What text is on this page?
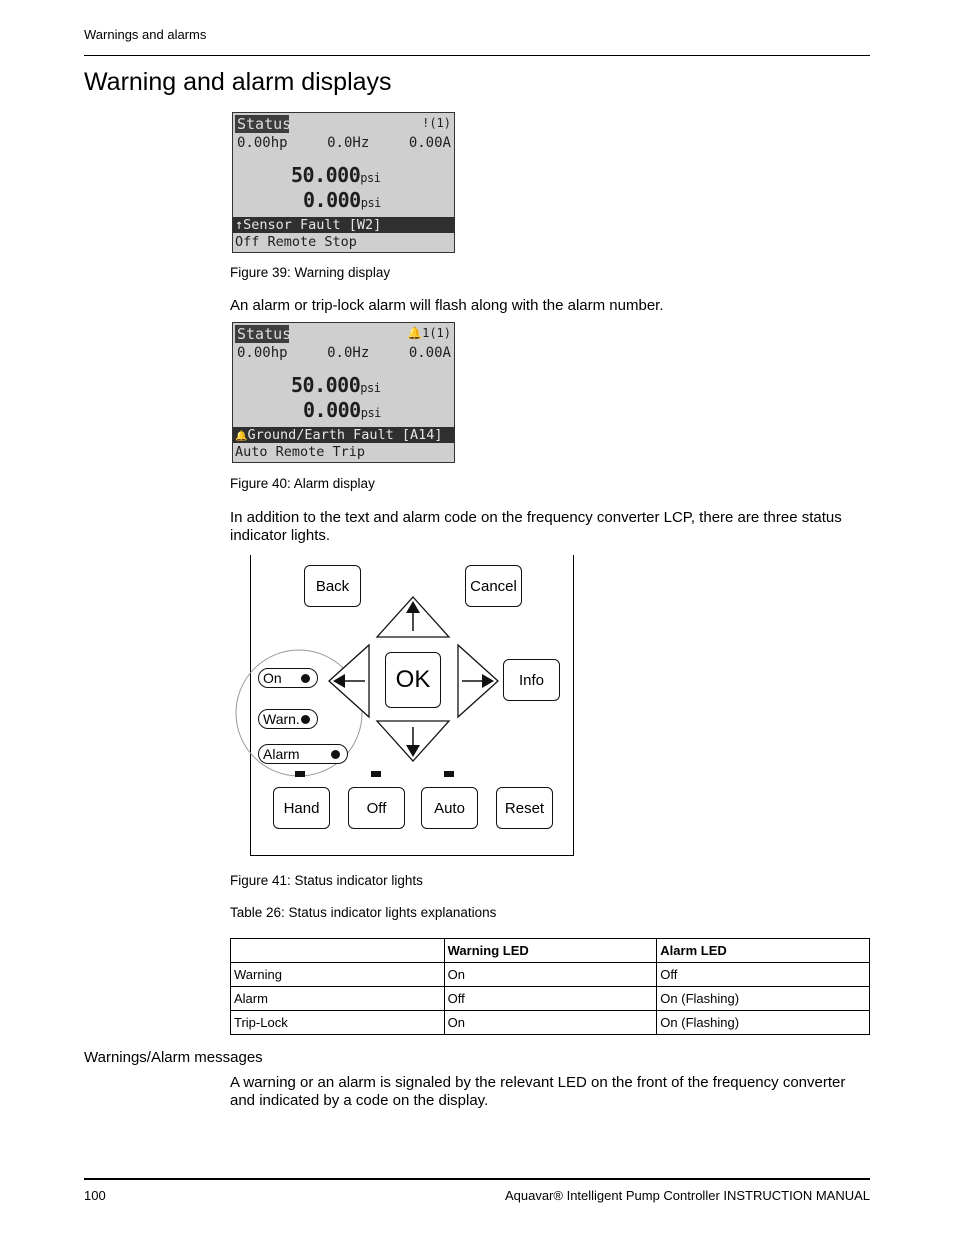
Warnings and alarms
Warning and alarm displays
Status	!(1)
0.00hp	0.0Hz	0.00A
50.000psi
0.000psi
↑Sensor Fault [W2]
Off Remote Stop
Figure 39: Warning display
An alarm or trip-lock alarm will flash along with the alarm number.
Status	🔔1(1)
0.00hp	0.0Hz	0.00A
50.000psi
0.000psi
🔔Ground/Earth Fault [A14]
Auto Remote Trip
Figure 40: Alarm display
In addition to the text and alarm code on the frequency converter LCP, there are three status indicator lights.
Back	Cancel
Info
OK
On
Warn.
Alarm
Hand	Off	Auto	Reset
Figure 41: Status indicator lights
Table 26: Status indicator lights explanations
	Warning LED	Alarm LED
Warning	On	Off
Alarm	Off	On (Flashing)
Trip-Lock	On	On (Flashing)
Warnings/Alarm messages
A warning or an alarm is signaled by the relevant LED on the front of the frequency converter and indicated by a code on the display.
100	Aquavar® Intelligent Pump Controller INSTRUCTION MANUAL
